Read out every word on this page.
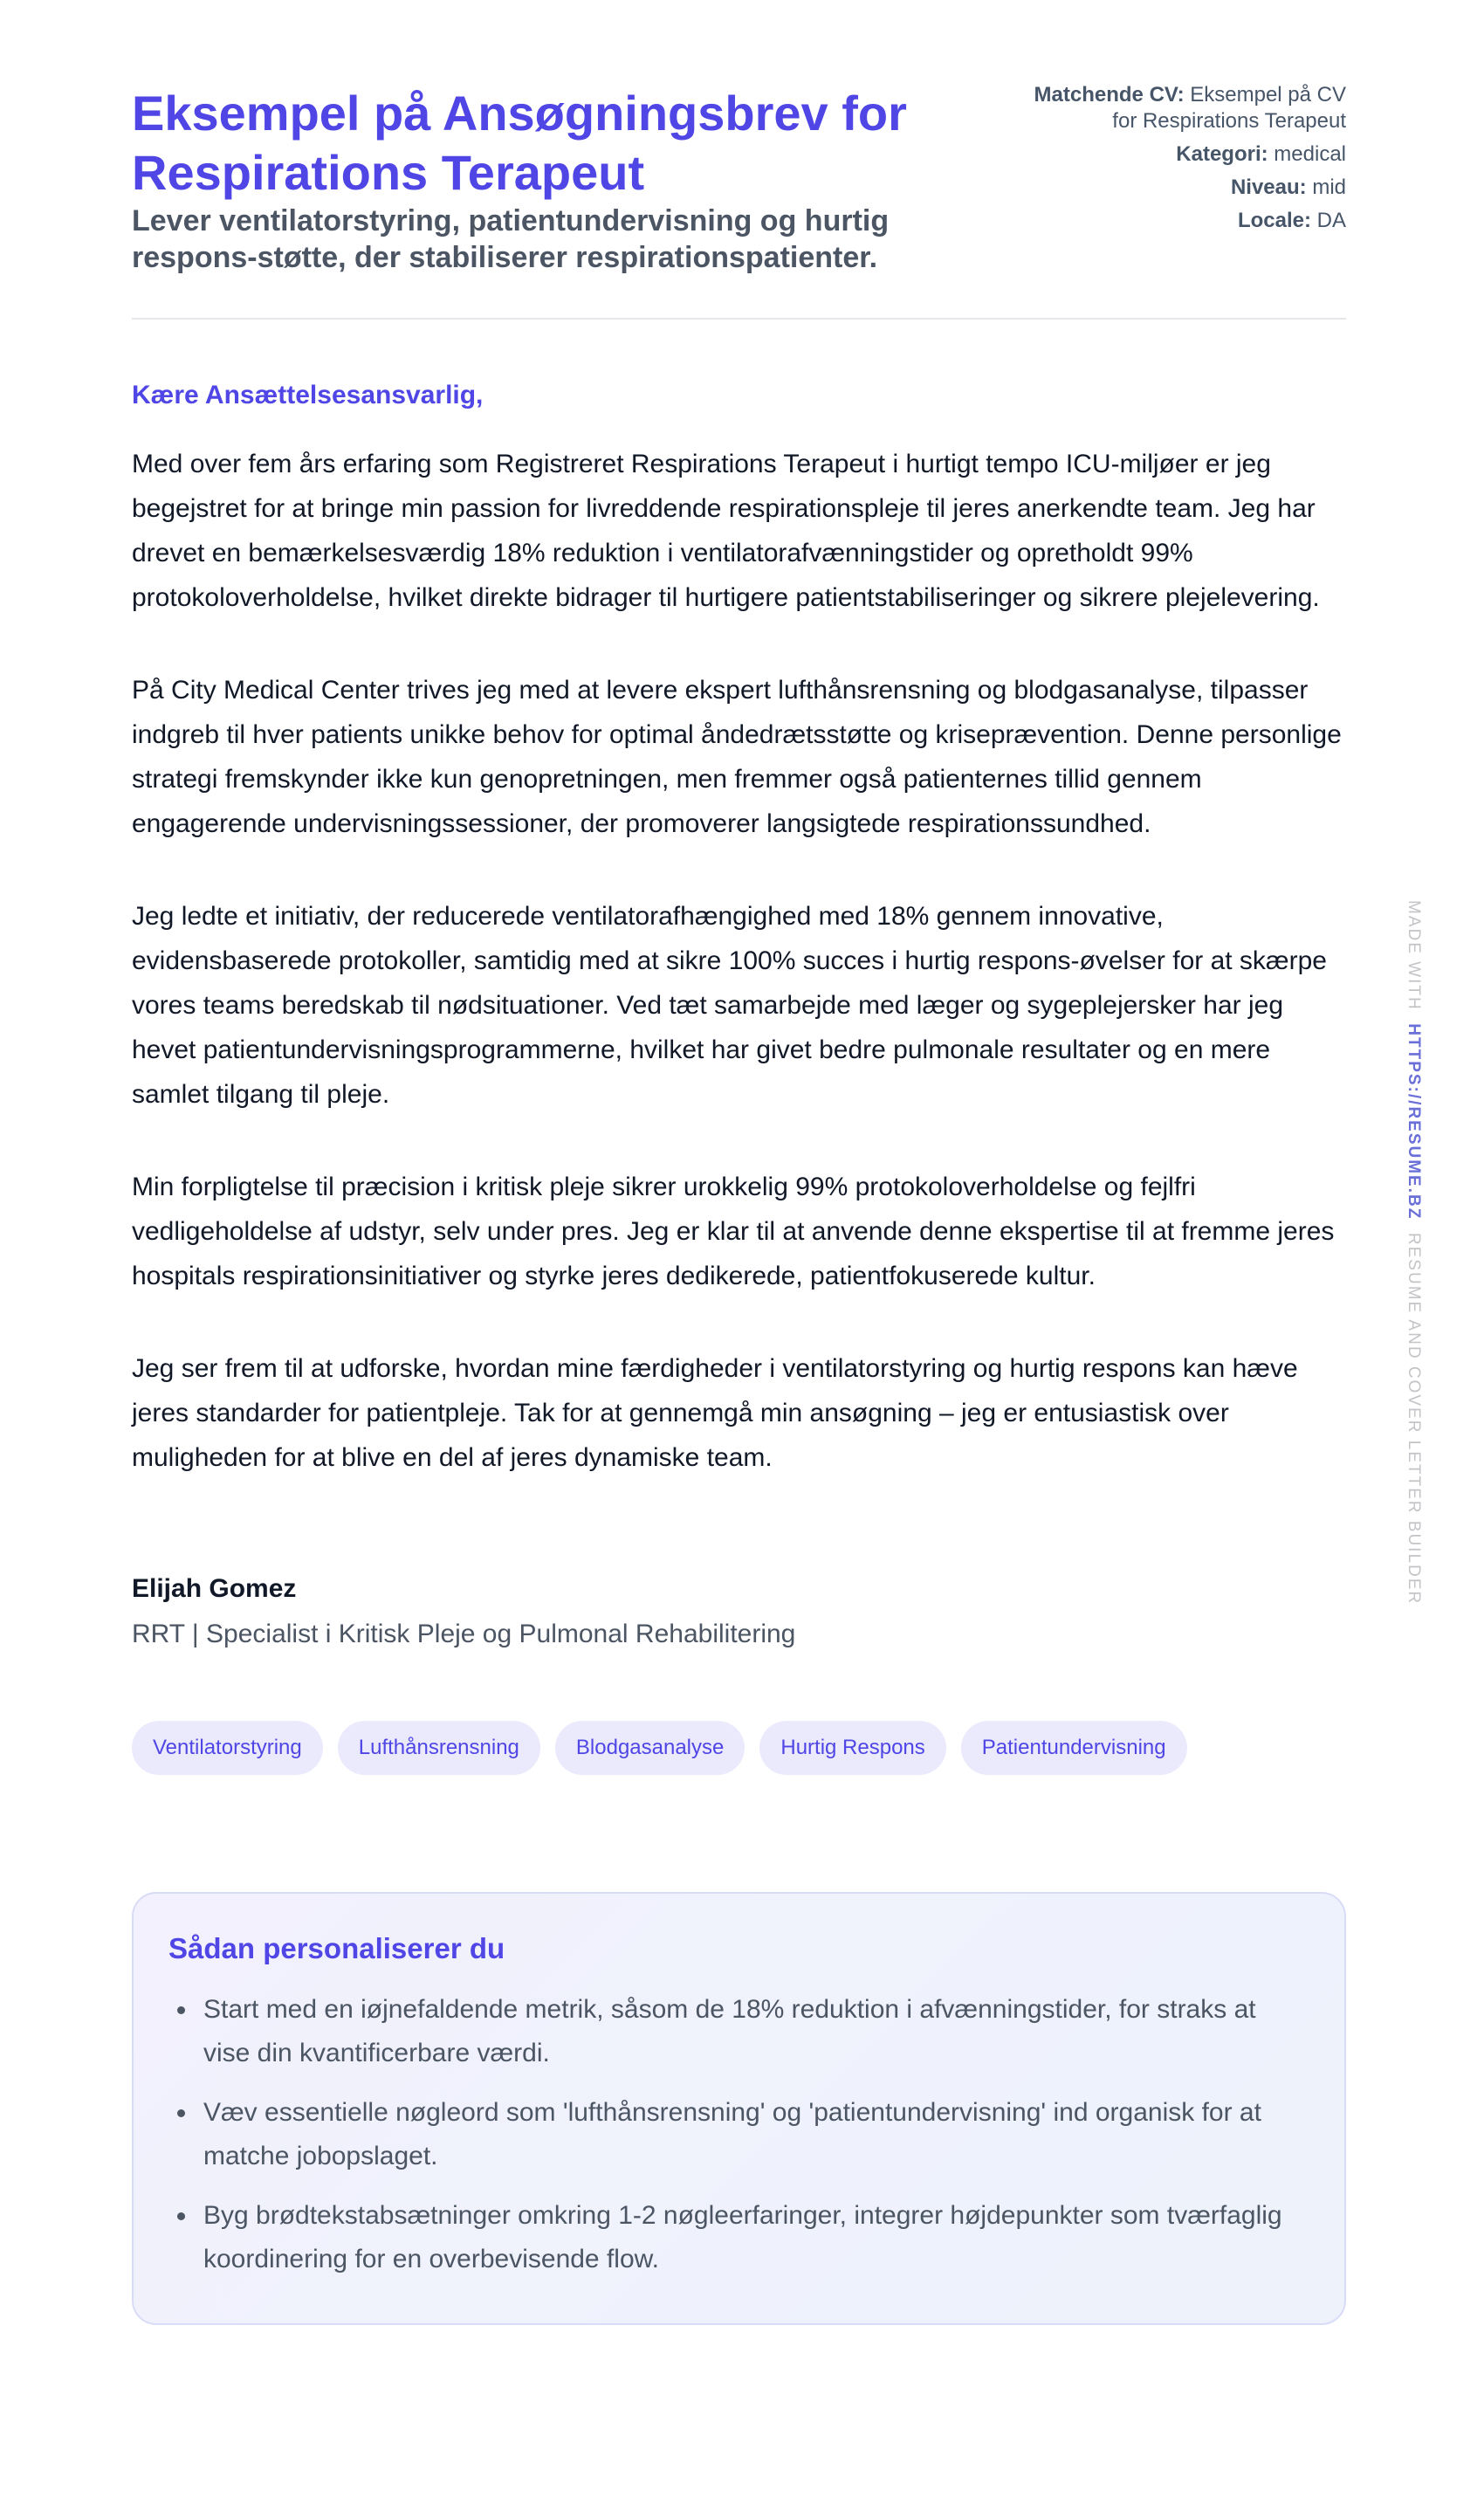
Eksempel på Ansøgningsbrev for Respirations Terapeut

Lever ventilatorstyring, patientundervisning og hurtig respons-støtte, der stabiliserer respirationspatienter.

Matchende CV: Eksempel på CV for Respirations Terapeut
Kategori: medical
Niveau: mid
Locale: DA

Kære Ansættelsesansvarlig,

Med over fem års erfaring som Registreret Respirations Terapeut i hurtigt tempo ICU-miljøer er jeg begejstret for at bringe min passion for livreddende respirationspleje til jeres anerkendte team. Jeg har drevet en bemærkelsesværdig 18% reduktion i ventilatorafvænningstider og opretholdt 99% protokoloverholdelse, hvilket direkte bidrager til hurtigere patientstabiliseringer og sikrere plejelevering.

På City Medical Center trives jeg med at levere ekspert lufthånsrensning og blodgasanalyse, tilpasser indgreb til hver patients unikke behov for optimal åndedrætsstøtte og kriseprævention. Denne personlige strategi fremskynder ikke kun genopretningen, men fremmer også patienternes tillid gennem engagerende undervisningssessioner, der promoverer langsigtede respirationssundhed.

Jeg ledte et initiativ, der reducerede ventilatorafhængighed med 18% gennem innovative, evidensbaserede protokoller, samtidig med at sikre 100% succes i hurtig respons-øvelser for at skærpe vores teams beredskab til nødsituationer. Ved tæt samarbejde med læger og sygeplejersker har jeg hevet patientundervisningsprogrammerne, hvilket har givet bedre pulmonale resultater og en mere samlet tilgang til pleje.

Min forpligtelse til præcision i kritisk pleje sikrer urokkelig 99% protokoloverholdelse og fejlfri vedligeholdelse af udstyr, selv under pres. Jeg er klar til at anvende denne ekspertise til at fremme jeres hospitals respirationsinitiativer og styrke jeres dedikerede, patientfokuserede kultur.

Jeg ser frem til at udforske, hvordan mine færdigheder i ventilatorstyring og hurtig respons kan hæve jeres standarder for patientpleje. Tak for at gennemgå min ansøgning – jeg er entusiastisk over muligheden for at blive en del af jeres dynamiske team.

Elijah Gomez
RRT | Specialist i Kritisk Pleje og Pulmonal Rehabilitering
Ventilatorstyring	Lufthånsrensning	Blodgasanalyse	Hurtig Respons	Patientundervisning
Sådan personaliserer du
• Start med en iøjnefaldende metrik, såsom de 18% reduktion i afvænningstider, for straks at vise din kvantificerbare værdi.
• Væv essentielle nøgleord som 'lufthånsrensning' og 'patientundervisning' ind organisk for at matche jobopslaget.
• Byg brødtekstabsætninger omkring 1-2 nøgleerfaringer, integrer højdepunkter som tværfaglig koordinering for en overbevisende flow.
MADE WITH  HTTPS://RESUME.BZ  RESUME AND COVER LETTER BUILDER
